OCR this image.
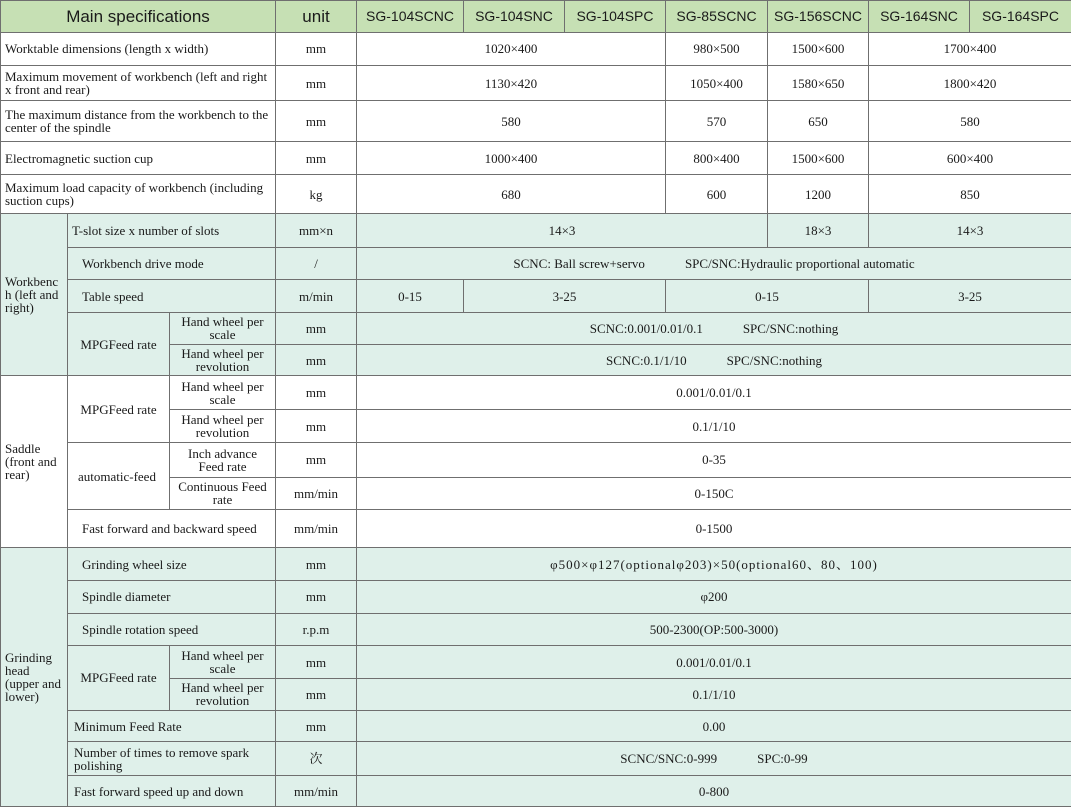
Main specifications			unit	SG-104SCNC	SG-104SNC	SG-104SPC	SG-85SCNC	SG-156SCNC	SG-164SNC	SG-164SPC
Worktable dimensions (length x width)			mm	1020×400			980×500	1500×600	1700×400	
Maximum movement of workbench (left and right x front and rear)			mm	1130×420			1050×400	1580×650	1800×420	
The maximum distance from the workbench to the center of the spindle			mm	580			570	650	580	
Electromagnetic suction cup			mm	1000×400			800×400	1500×600	600×400	
Maximum load capacity of workbench (including suction cups)			kg	680			600	1200	850	
Workbenc h (left and right)	T-slot size x number of slots		mm×n	14×3				18×3	14×3	
	Workbench drive mode		/	SCNC: Ball screw+servo SPC/SNC:Hydraulic proportional automatic						
	Table speed		m/min	0-15	3-25		0-15		3-25	
	MPGFeed rate	Hand wheel per scale	mm	SCNC:0.001/0.01/0.1 SPC/SNC:nothing						
		Hand wheel per revolution	mm	SCNC:0.1/1/10 SPC/SNC:nothing						
Saddle (front and rear)	MPGFeed rate	Hand wheel per scale	mm	0.001/0.01/0.1						
		Hand wheel per revolution	mm	0.1/1/10						
	automatic-feed	Inch advance Feed rate	mm	0-35						
		Continuous Feed rate	mm/min	0-150C						
	Fast forward and backward speed		mm/min	0-1500						
Grinding head (upper and lower)	Grinding wheel size		mm	φ500×φ127(optionalφ203)×50(optional60、80、100)						
	Spindle diameter		mm	φ200						
	Spindle rotation speed		r.p.m	500-2300(OP:500-3000)						
	MPGFeed rate	Hand wheel per scale	mm	0.001/0.01/0.1						
		Hand wheel per revolution	mm	0.1/1/10						
	Minimum Feed Rate		mm	0.00						
	Number of times to remove spark polishing		次	SCNC/SNC:0-999 SPC:0-99						
	Fast forward speed up and down		mm/min	0-800						
